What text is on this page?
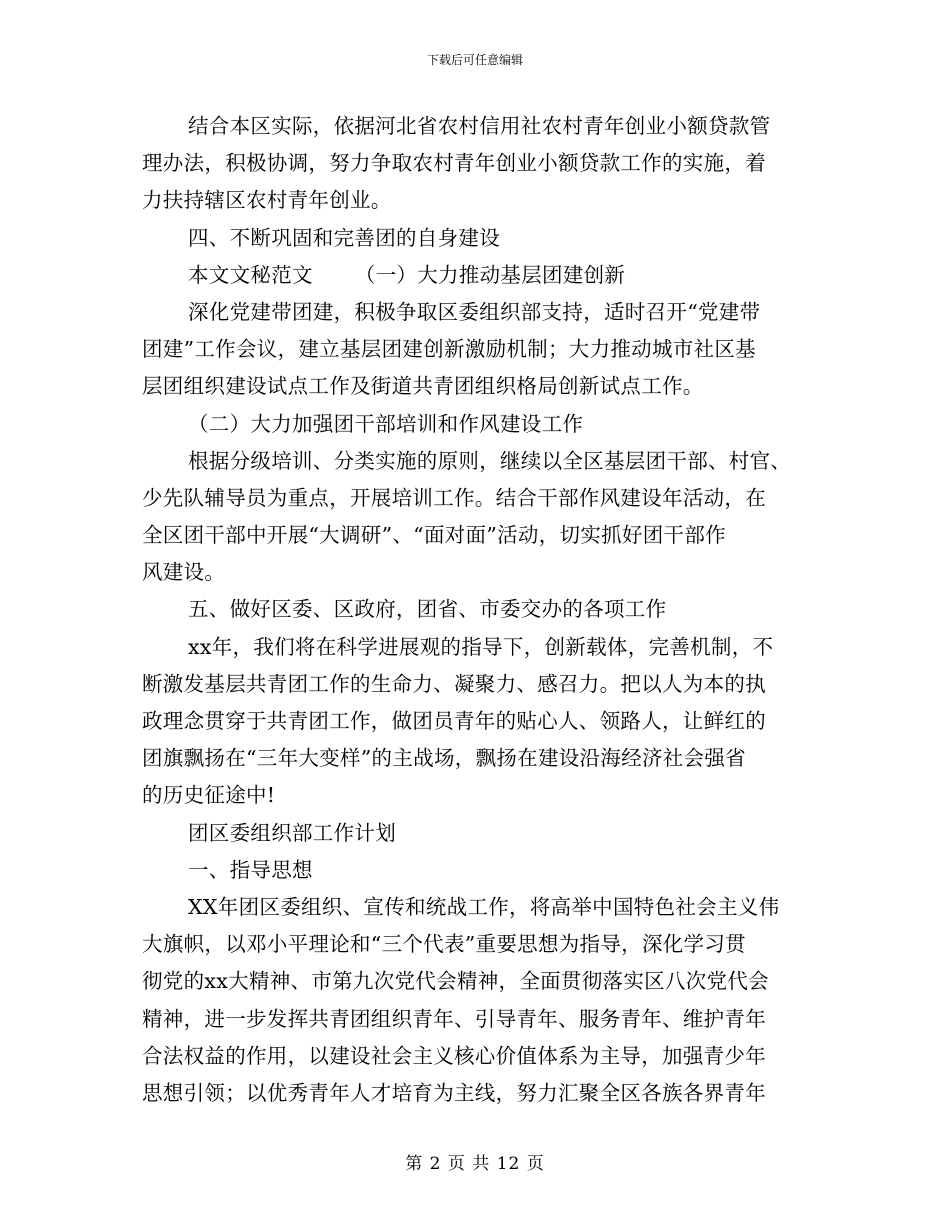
下载后可任意编辑

结合本区实际，依据河北省农村信用社农村青年创业小额贷款管
理办法，积极协调，努力争取农村青年创业小额贷款工作的实施，着
力扶持辖区农村青年创业。

四、不断巩固和完善团的自身建设

本文文秘范文 （一）大力推动基层团建创新

深化党建带团建，积极争取区委组织部支持，适时召开“党建带
团建”工作会议，建立基层团建创新激励机制；大力推动城市社区基
层团组织建设试点工作及街道共青团组织格局创新试点工作。

（二）大力加强团干部培训和作风建设工作

根据分级培训、分类实施的原则，继续以全区基层团干部、村官、
少先队辅导员为重点，开展培训工作。结合干部作风建设年活动，在
全区团干部中开展“大调研”、“面对面”活动，切实抓好团干部作
风建设。

五、做好区委、区政府，团省、市委交办的各项工作

xx年，我们将在科学进展观的指导下，创新载体，完善机制，不
断激发基层共青团工作的生命力、凝聚力、感召力。把以人为本的执
政理念贯穿于共青团工作，做团员青年的贴心人、领路人，让鲜红的
团旗飘扬在“三年大变样”的主战场，飘扬在建设沿海经济社会强省
的历史征途中!

团区委组织部工作计划

一、指导思想

XX年团区委组织、宣传和统战工作，将高举中国特色社会主义伟
大旗帜，以邓小平理论和“三个代表”重要思想为指导，深化学习贯
彻党的xx大精神、市第九次党代会精神，全面贯彻落实区八次党代会
精神，进一步发挥共青团组织青年、引导青年、服务青年、维护青年
合法权益的作用，以建设社会主义核心价值体系为主导，加强青少年
思想引领；以优秀青年人才培育为主线，努力汇聚全区各族各界青年

第 2 页 共 12 页
